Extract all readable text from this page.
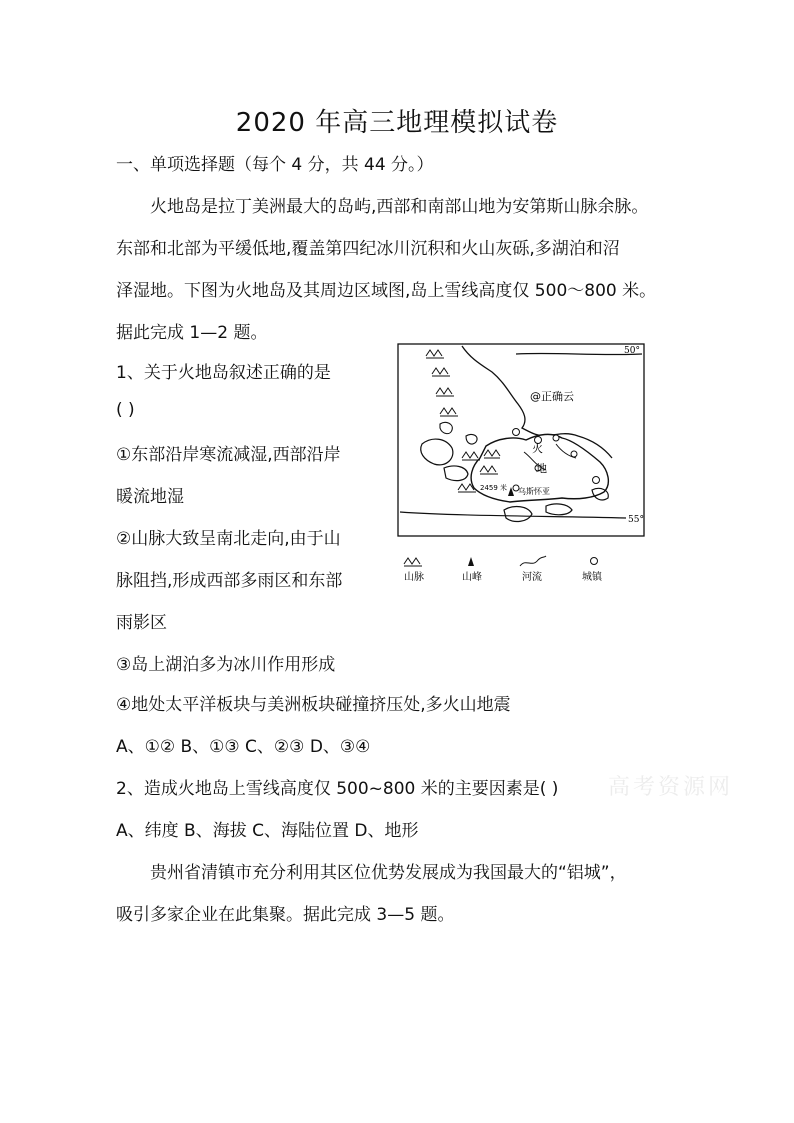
2020 年高三地理模拟试卷
一、单项选择题（每个 4 分，共 44 分。）
火地岛是拉丁美洲最大的岛屿,西部和南部山地为安第斯山脉余脉。
东部和北部为平缓低地,覆盖第四纪冰川沉积和火山灰砾,多湖泊和沼
泽湿地。下图为火地岛及其周边区域图,岛上雪线高度仅 500～800 米。
据此完成 1—2 题。
1、关于火地岛叙述正确的是
( )
①东部沿岸寒流减湿,西部沿岸
暖流地湿
②山脉大致呈南北走向,由于山
脉阻挡,形成西部多雨区和东部
雨影区
③岛上湖泊多为冰川作用形成
④地处太平洋板块与美洲板块碰撞挤压处,多火山地震
A、①② B、①③ C、②③ D、③④
2、造成火地岛上雪线高度仅 500~800 米的主要因素是( )
A、纬度 B、海拔 C、海陆位置 D、地形
贵州省清镇市充分利用其区位优势发展成为我国最大的“铝城”，
吸引多家企业在此集聚。据此完成 3—5 题。
高考资源网
50°
55°
2459 米 乌斯怀亚
@正确云
火
地
山脉	山峰	河流	城镇
